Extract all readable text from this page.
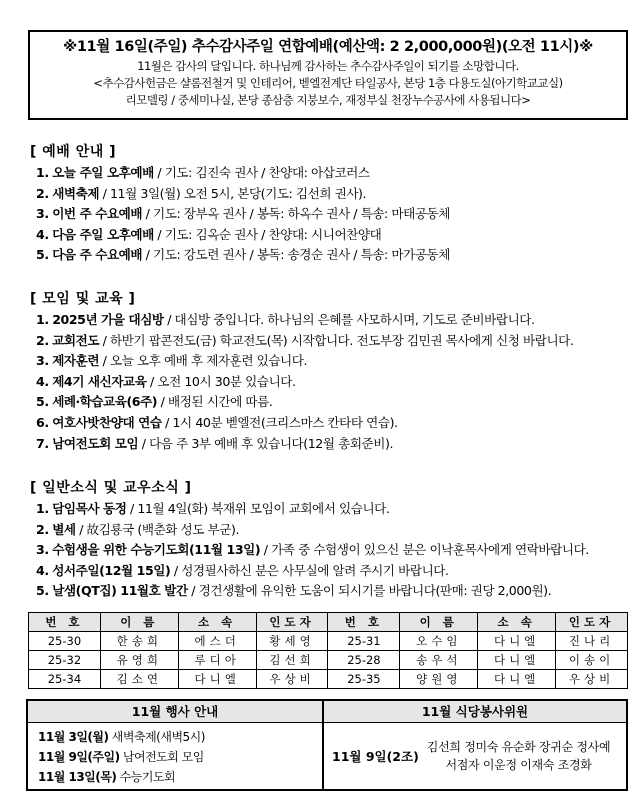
※11월 16일(주일) 추수감사주일 연합예배(예산액: 2 2,000,000원)(오전 11시)※
11월은 감사의 달입니다. 하나님께 감사하는 추수감사주일이 되기를 소망합니다.
<추수감사헌금은 샬롬전철거 및 인테리어, 벧엘전계단 타일공사, 본당 1층 다용도실(아기학교교실)
리모델링 / 중세미나실, 본당 종삼층 지붕보수, 재정부실 천장누수공사에 사용됩니다>
[ 예배 안내 ]
1. 오늘 주일 오후예배 / 기도: 김진숙 권사 / 찬양대: 아삽코러스
2. 새벽축제 / 11월 3일(월) 오전 5시, 본당(기도: 김선희 권사).
3. 이번 주 수요예배 / 기도: 장부옥 권사 / 봉독: 하옥수 권사 / 특송: 마태공동체
4. 다음 주일 오후예배 / 기도: 김옥순 권사 / 찬양대: 시니어찬양대
5. 다음 주 수요예배 / 기도: 강도련 권사 / 봉독: 송경순 권사 / 특송: 마가공동체
[ 모임 및 교육 ]
1. 2025년 가을 대심방 / 대심방 중입니다. 하나님의 은혜를 사모하시며, 기도로 준비바랍니다.
2. 교회전도 / 하반기 팝콘전도(금) 학교전도(목) 시작합니다. 전도부장 김민권 목사에게 신청 바랍니다.
3. 제자훈련 / 오늘 오후 예배 후 제자훈련 있습니다.
4. 제4기 새신자교육 / 오전 10시 30분 있습니다.
5. 세례‧학습교육(6주) / 배정된 시간에 따름.
6. 여호사밧찬양대 연습 / 1시 40분 벧엘전(크리스마스 칸타타 연습).
7. 남여전도회 모임 / 다음 주 3부 예배 후 있습니다(12월 총회준비).
[ 일반소식 및 교우소식 ]
1. 담임목사 동정 / 11월 4일(화) 북재위 모임이 교회에서 있습니다.
2. 별세 / 故김룡국 (백춘화 성도 부군).
3. 수험생을 위한 수능기도회(11월 13일) / 가족 중 수험생이 있으신 분은 이낙훈목사에게 연락바랍니다.
4. 성서주일(12월 15일) / 성경필사하신 분은 사무실에 알려 주시기 바랍니다.
5. 날샘(QT집) 11월호 발간 / 경건생활에 유익한 도움이 되시기를 바랍니다(판매: 권당 2,000원).
번 호	이 름	소 속	인도자	번 호	이 름	소 속	인도자
25-30	한송희	에스더	황세영	25-31	오수임	다니엘	진나리
25-32	유영희	루디아	김선희	25-28	송우석	다니엘	이송이
25-34	김소연	다니엘	우상비	25-35	양원영	다니엘	우상비
11월 행사 안내
11월 3일(월) 새벽축제(새벽5시)
11월 9일(주일) 남여전도회 모임
11월 13일(목) 수능기도회
11월 식당봉사위원
11월 9일(2조)
김선희 정미숙 유순화 장귀순 정사예
서점자 이운정 이재숙 조경화
